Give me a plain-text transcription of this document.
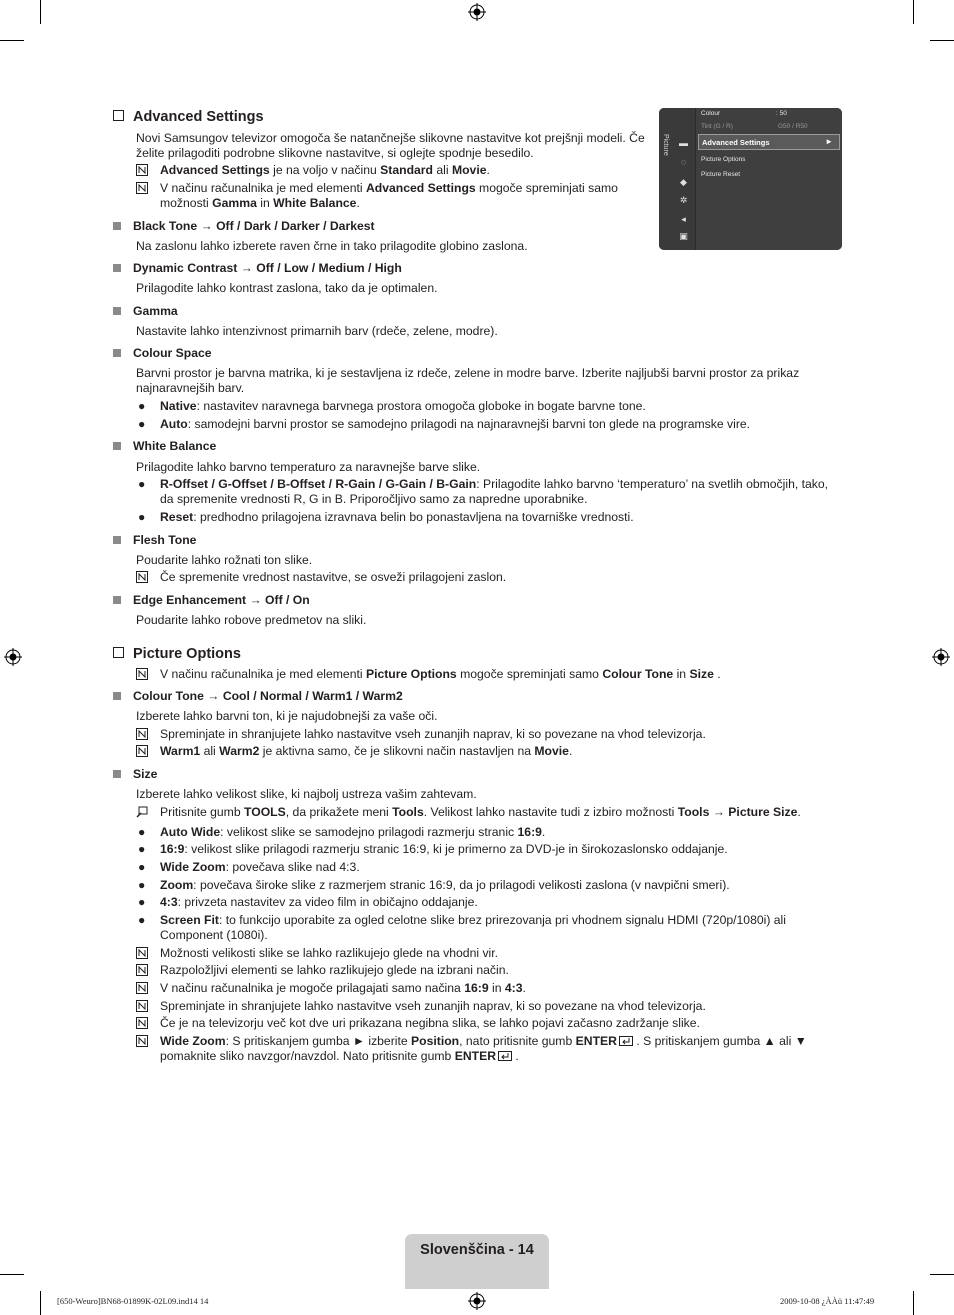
Picture ▬
◌
◆
✲
◂
▣
Colour	: 50
Tint (G / R)	G50 / R50
Advanced Settings	►
Picture Options
Picture Reset
Advanced Settings

Novi Samsungov televizor omogoča še natančnejše slikovne nastavitve kot prejšnji modeli. Če želite prilagoditi podrobne slikovne nastavitve, si oglejte spodnje besedilo.

Advanced Settings je na voljo v načinu Standard ali Movie.
V načinu računalnika je med elementi Advanced Settings mogoče spreminjati samo možnosti Gamma in White Balance.
Black Tone → Off / Dark / Darker / Darkest

Na zaslonu lahko izberete raven črne in tako prilagodite globino zaslona.

Dynamic Contrast → Off / Low / Medium / High

Prilagodite lahko kontrast zaslona, tako da je optimalen.

Gamma

Nastavite lahko intenzivnost primarnih barv (rdeče, zelene, modre).

Colour Space

Barvni prostor je barvna matrika, ki je sestavljena iz rdeče, zelene in modre barve. Izberite najljubši barvni prostor za prikaz najnaravnejših barv.

● Native: nastavitev naravnega barvnega prostora omogoča globoke in bogate barvne tone.
● Auto: samodejni barvni prostor se samodejno prilagodi na najnaravnejši barvni ton glede na programske vire.
White Balance

Prilagodite lahko barvno temperaturo za naravnejše barve slike.

● R-Offset / G-Offset / B-Offset / R-Gain / G-Gain / B-Gain: Prilagodite lahko barvno ‘temperaturo’ na svetlih območjih, tako, da spremenite vrednosti R, G in B. Priporočljivo samo za napredne uporabnike.
● Reset: predhodno prilagojena izravnava belin bo ponastavljena na tovarniške vrednosti.
Flesh Tone

Poudarite lahko rožnati ton slike.

Če spremenite vrednost nastavitve, se osveži prilagojeni zaslon.
Edge Enhancement → Off / On

Poudarite lahko robove predmetov na sliki.

Picture Options
V načinu računalnika je med elementi Picture Options mogoče spreminjati samo Colour Tone in Size .
Colour Tone → Cool / Normal / Warm1 / Warm2

Izberete lahko barvni ton, ki je najudobnejši za vaše oči.

Spreminjate in shranjujete lahko nastavitve vseh zunanjih naprav, ki so povezane na vhod televizorja.
Warm1 ali Warm2 je aktivna samo, če je slikovni način nastavljen na Movie.
Size

Izberete lahko velikost slike, ki najbolj ustreza vašim zahtevam.

Pritisnite gumb TOOLS, da prikažete meni Tools. Velikost lahko nastavite tudi z izbiro možnosti Tools → Picture Size.
● Auto Wide: velikost slike se samodejno prilagodi razmerju stranic 16:9.
● 16:9: velikost slike prilagodi razmerju stranic 16:9, ki je primerno za DVD-je in širokozaslonsko oddajanje.
● Wide Zoom: povečava slike nad 4:3.
● Zoom: povečava široke slike z razmerjem stranic 16:9, da jo prilagodi velikosti zaslona (v navpični smeri).
● 4:3: privzeta nastavitev za video film in običajno oddajanje.
● Screen Fit: to funkcijo uporabite za ogled celotne slike brez prirezovanja pri vhodnem signalu HDMI (720p/1080i) ali Component (1080i).
Možnosti velikosti slike se lahko razlikujejo glede na vhodni vir.
Razpoložljivi elementi se lahko razlikujejo glede na izbrani način.
V načinu računalnika je mogoče prilagajati samo načina 16:9 in 4:3.
Spreminjate in shranjujete lahko nastavitve vseh zunanjih naprav, ki so povezane na vhod televizorja.
Če je na televizorju več kot dve uri prikazana negibna slika, se lahko pojavi začasno zadržanje slike.
Wide Zoom: S pritiskanjem gumba ► izberite Position, nato pritisnite gumb ENTER . S pritiskanjem gumba ▲ ali ▼ pomaknite sliko navzgor/navzdol. Nato pritisnite gumb ENTER .
Slovenščina - 14
[650-Weuro]BN68-01899K-02L09.ind14 14	2009-10-08 ¿ÀÀü 11:47:49
